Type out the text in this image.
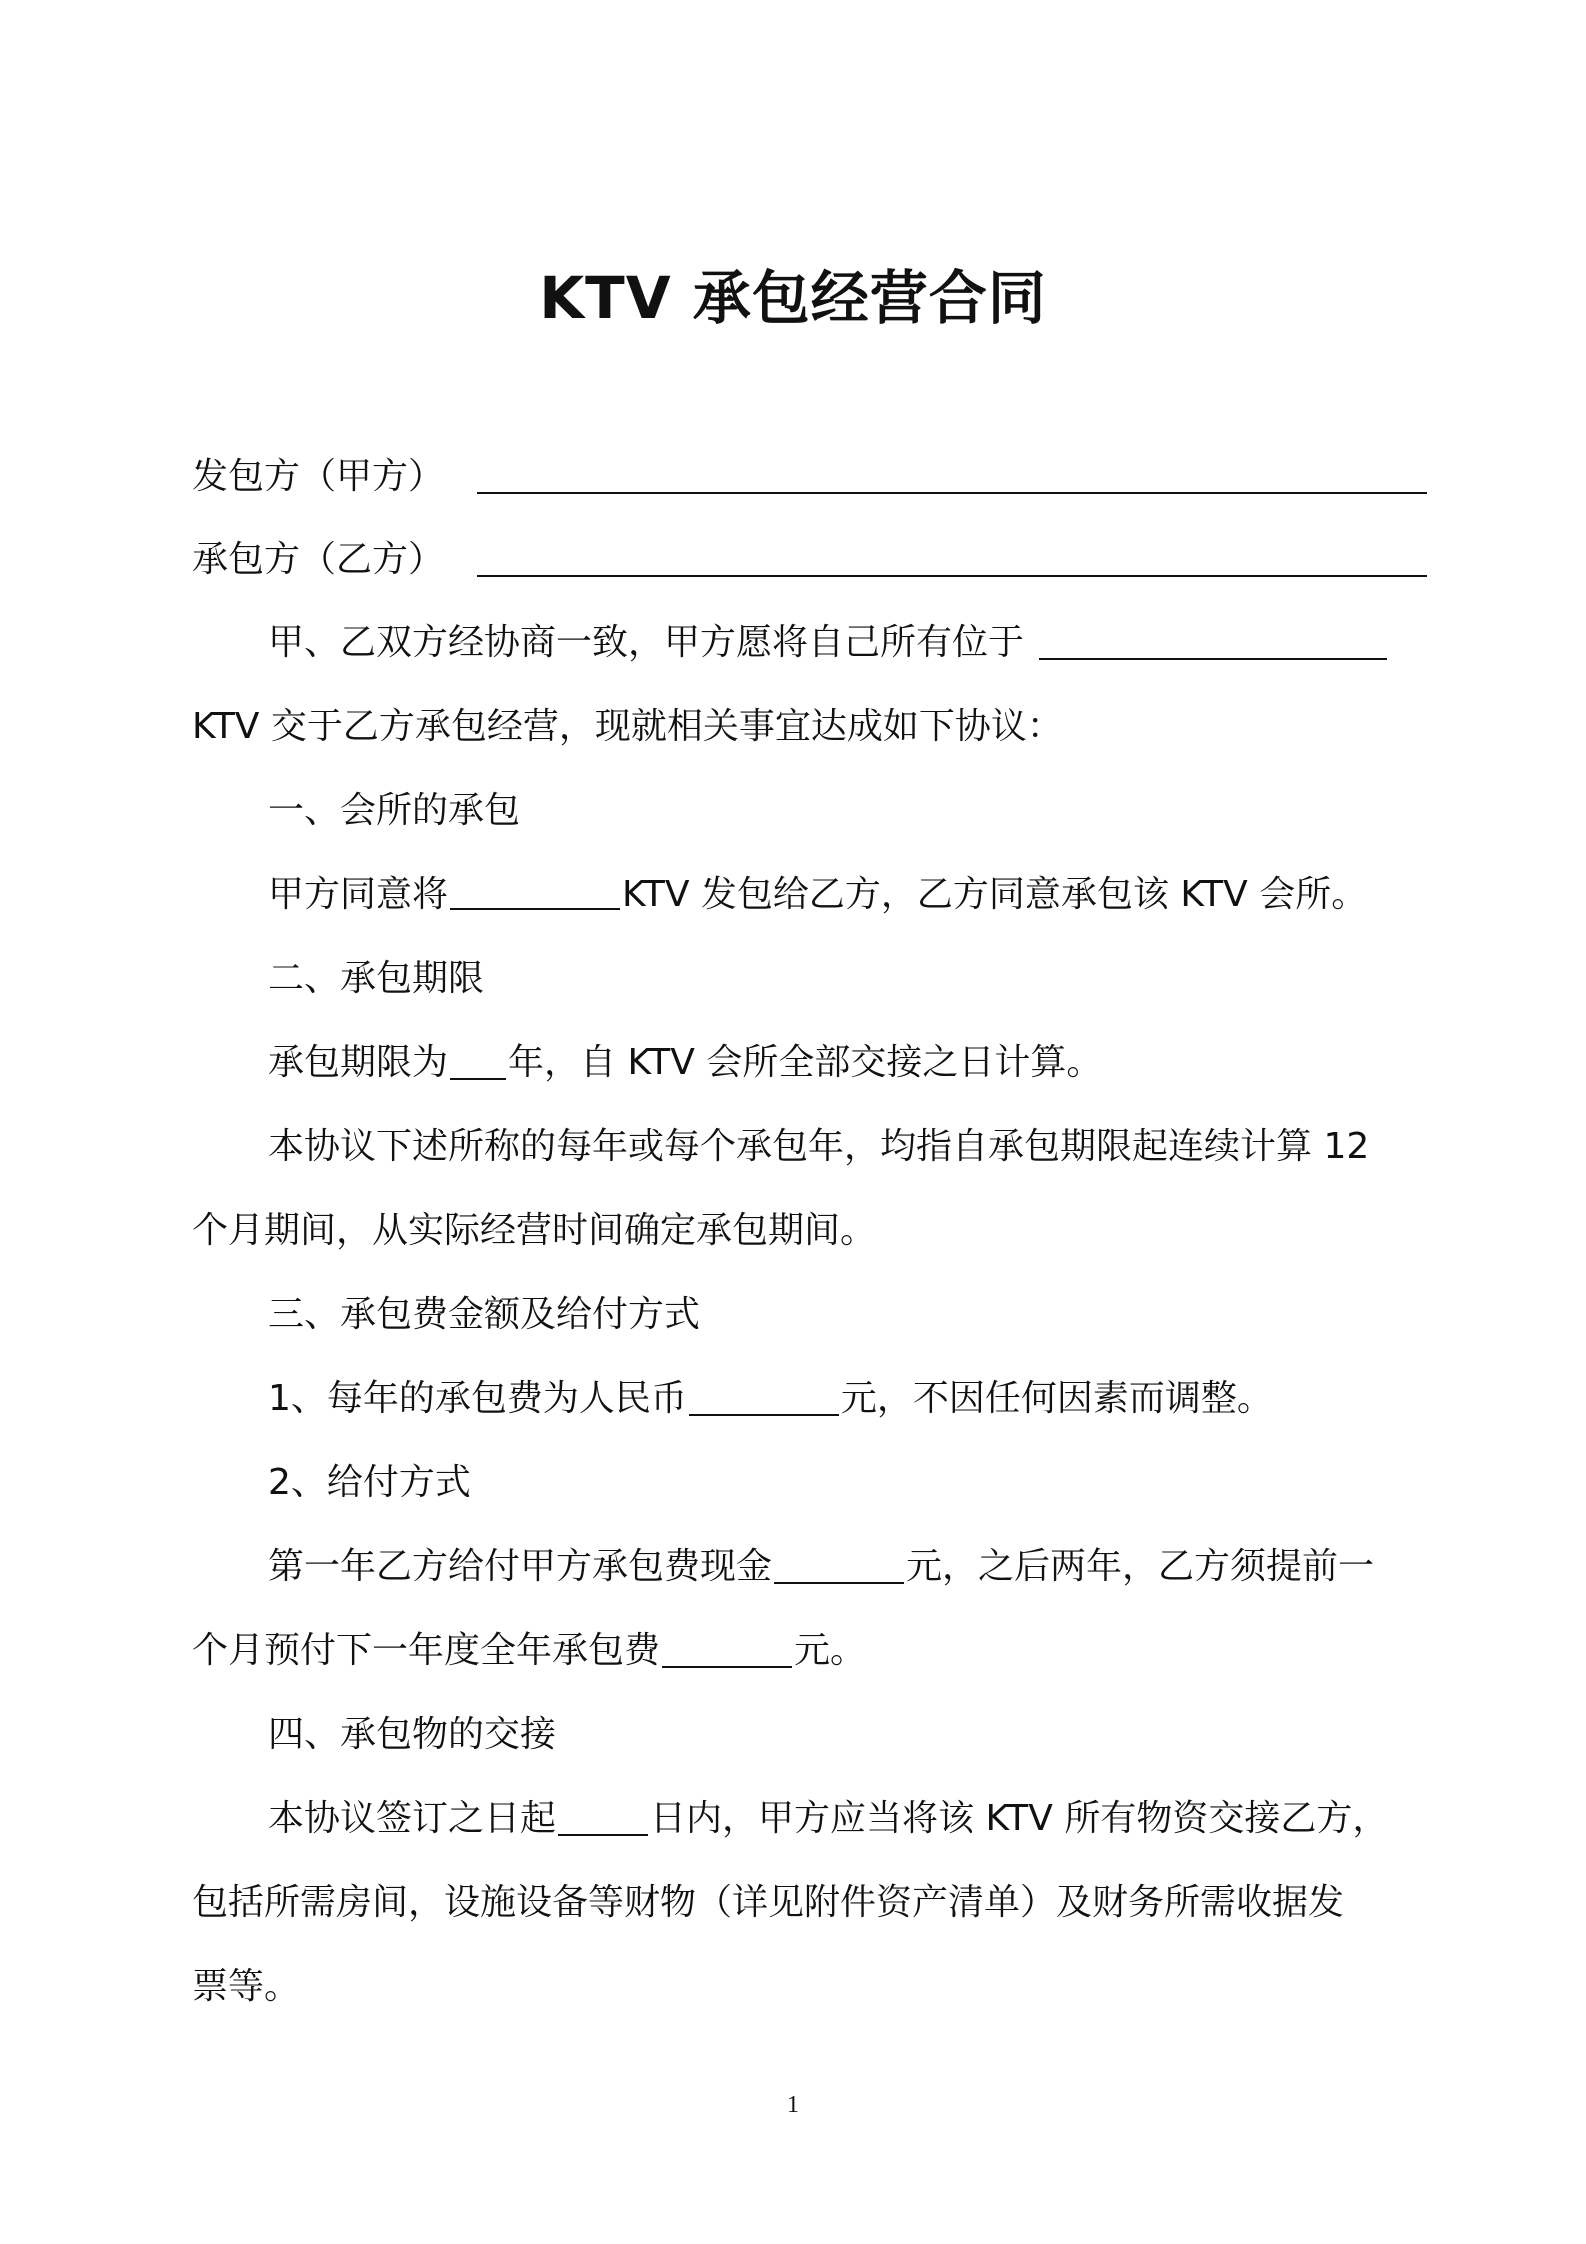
KTV 承包经营合同
发包方（甲方）
承包方（乙方）
甲、乙双方经协商一致，甲方愿将自己所有位于
KTV 交于乙方承包经营，现就相关事宜达成如下协议：
一、会所的承包
甲方同意将	KTV 发包给乙方，乙方同意承包该 KTV 会所。
二、承包期限
承包期限为 年，自 KTV 会所全部交接之日计算。
本协议下述所称的每年或每个承包年，均指自承包期限起连续计算 12
个月期间，从实际经营时间确定承包期间。
三、承包费金额及给付方式
1、每年的承包费为人民币	元，不因任何因素而调整。
2、给付方式
第一年乙方给付甲方承包费现金	元，之后两年，乙方须提前一
个月预付下一年度全年承包费	元。
四、承包物的交接
本协议签订之日起	日内，甲方应当将该 KTV 所有物资交接乙方，
包括所需房间，设施设备等财物（详见附件资产清单）及财务所需收据发
票等。
1
